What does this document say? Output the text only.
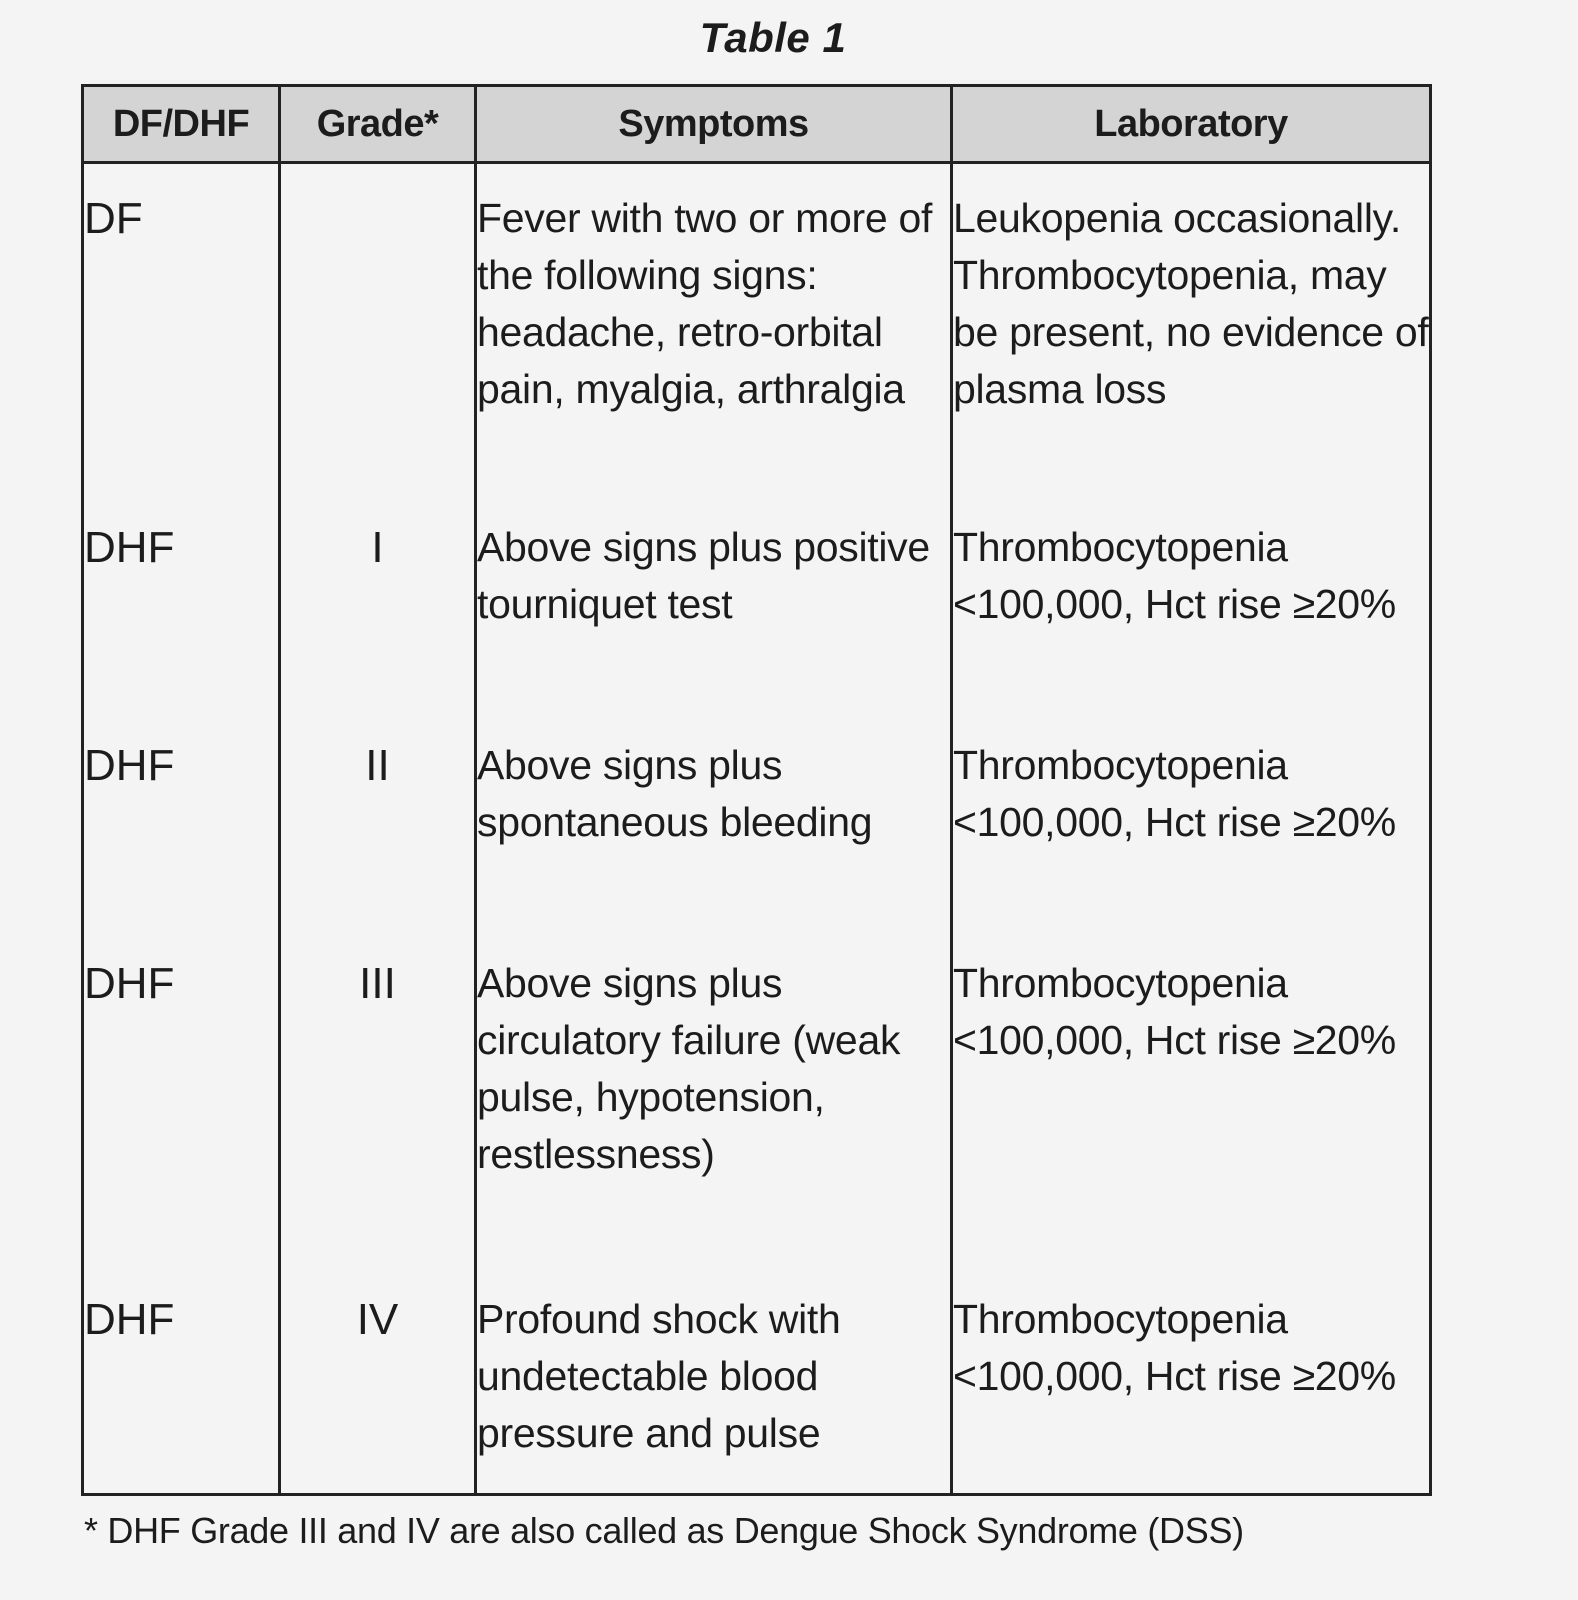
Table 1
DF/DHF	Grade*	Symptoms	Laboratory
DF		Fever with two or more of the following signs: headache, retro-orbital pain, myalgia, arthralgia	Leukopenia occasionally. Thrombocytopenia, may be present, no evidence of plasma loss
DHF	I	Above signs plus positive tourniquet test	Thrombocytopenia <100,000, Hct rise ≥20%
DHF	II	Above signs plus spontaneous bleeding	Thrombocytopenia <100,000, Hct rise ≥20%
DHF	III	Above signs plus circulatory failure (weak pulse, hypotension, restlessness)	Thrombocytopenia <100,000, Hct rise ≥20%
DHF	IV	Profound shock with undetectable blood pressure and pulse	Thrombocytopenia <100,000, Hct rise ≥20%
* DHF Grade III and IV are also called as Dengue Shock Syndrome (DSS)
